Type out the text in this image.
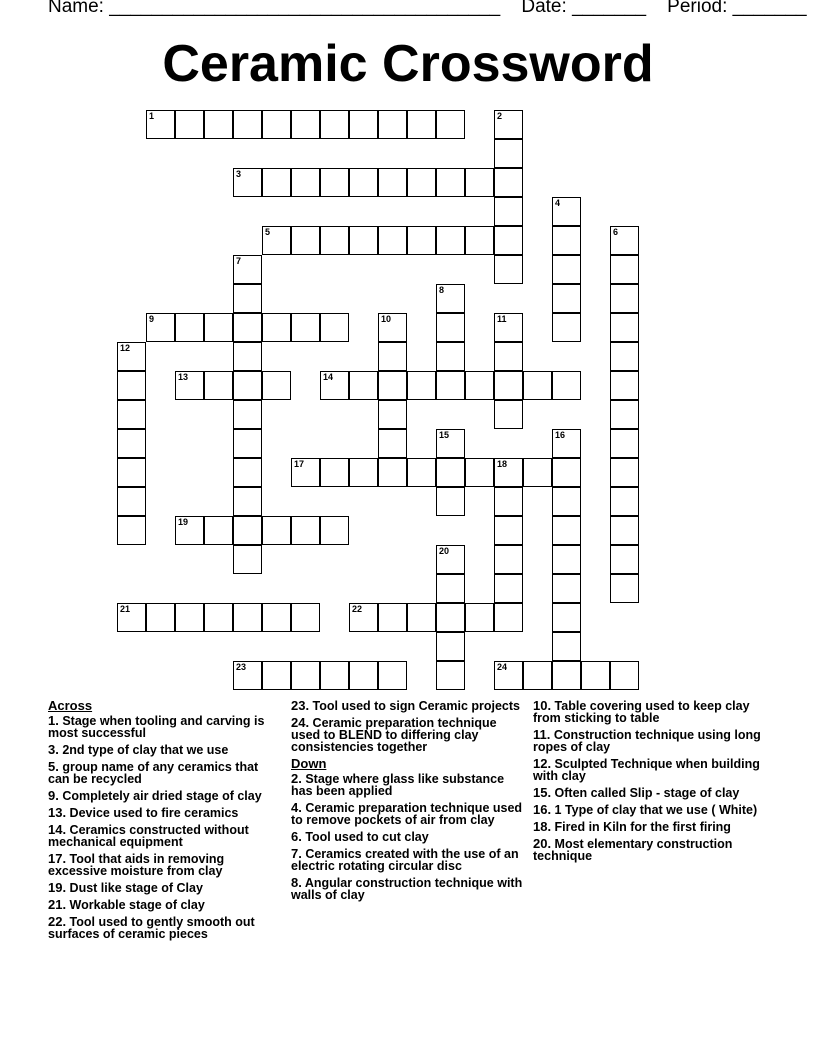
Name: _____________________________________ Date: _______ Period: _______
Ceramic Crossword
1	2
3
4
5	6
7
8
9	10	11
12
13	14
15	16
17	18
19
20
21	22
23	24
Across
1. Stage when tooling and carving is most successful
3. 2nd type of clay that we use
5. group name of any ceramics that can be recycled
9. Completely air dried stage of clay
13. Device used to fire ceramics
14. Ceramics constructed without mechanical equipment
17. Tool that aids in removing excessive moisture from clay
19. Dust like stage of Clay
21. Workable stage of clay
22. Tool used to gently smooth out surfaces of ceramic pieces
23. Tool used to sign Ceramic projects
24. Ceramic preparation technique used to BLEND to differing clay consistencies together
Down
2. Stage where glass like substance has been applied
4. Ceramic preparation technique used to remove pockets of air from clay
6. Tool used to cut clay
7. Ceramics created with the use of an electric rotating circular disc
8. Angular construction technique with walls of clay
10. Table covering used to keep clay from sticking to table
11. Construction technique using long ropes of clay
12. Sculpted Technique when building with clay
15. Often called Slip - stage of clay
16. 1 Type of clay that we use ( White)
18. Fired in Kiln for the first firing
20. Most elementary construction technique
